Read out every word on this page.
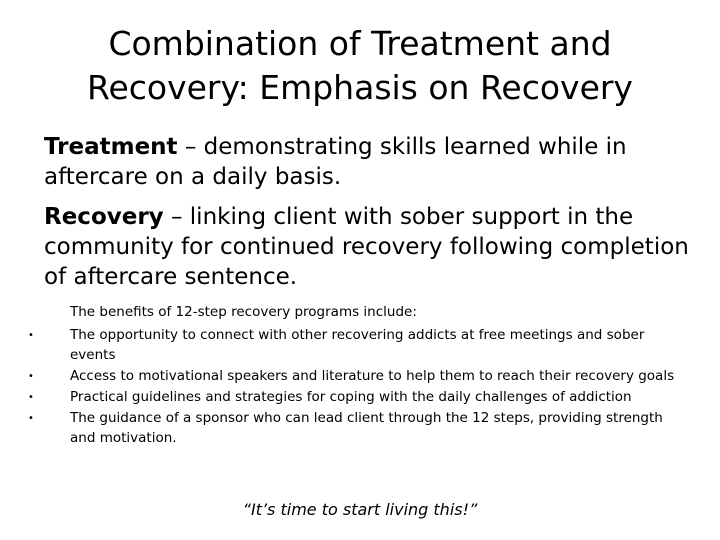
Combination of Treatment and
Recovery: Emphasis on Recovery

Treatment – demonstrating skills learned while in aftercare on a daily basis.

Recovery – linking client with sober support in the community for continued recovery following completion of aftercare sentence.

The benefits of 12-step recovery programs include:

•	The opportunity to connect with other recovering addicts at free meetings and sober events
•	Access to motivational speakers and literature to help them to reach their recovery goals
•	Practical guidelines and strategies for coping with the daily challenges of addiction
•	The guidance of a sponsor who can lead client through the 12 steps, providing strength and motivation.

“It’s time to start living this!”
